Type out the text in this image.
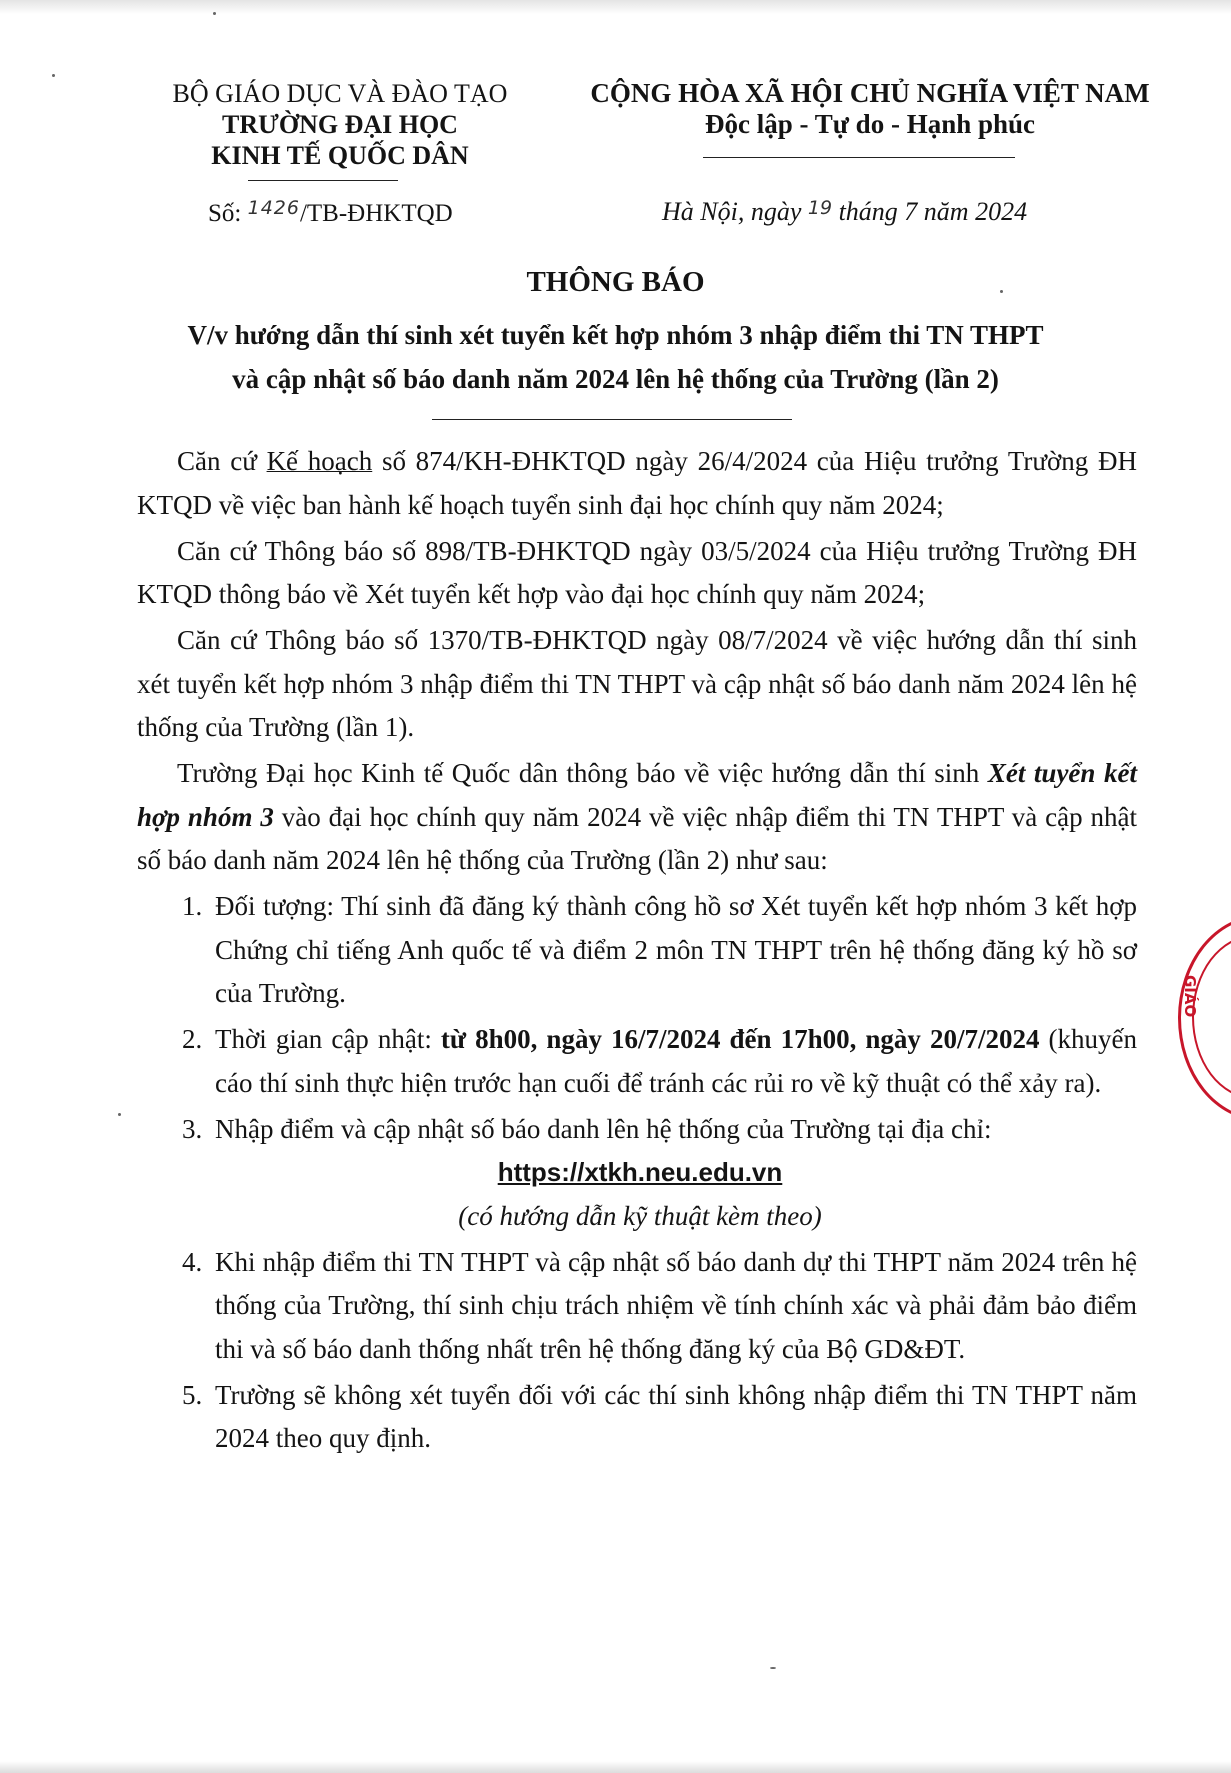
BỘ GIÁO DỤC VÀ ĐÀO TẠO
TRƯỜNG ĐẠI HỌC
KINH TẾ QUỐC DÂN
CỘNG HÒA XÃ HỘI CHỦ NGHĨA VIỆT NAM
Độc lập - Tự do - Hạnh phúc
Số: $^{1426}$/TB-ĐHKTQD	Hà Nội, ngày $^{19}$ tháng 7 năm 2024
THÔNG BÁO
V/v hướng dẫn thí sinh xét tuyển kết hợp nhóm 3 nhập điểm thi TN THPT
và cập nhật số báo danh năm 2024 lên hệ thống của Trường (lần 2)

Căn cứ Kế hoạch số 874/KH-ĐHKTQD ngày 26/4/2024 của Hiệu trưởng Trường ĐH KTQD về việc ban hành kế hoạch tuyển sinh đại học chính quy năm 2024;

Căn cứ Thông báo số 898/TB-ĐHKTQD ngày 03/5/2024 của Hiệu trưởng Trường ĐH KTQD thông báo về Xét tuyển kết hợp vào đại học chính quy năm 2024;

Căn cứ Thông báo số 1370/TB-ĐHKTQD ngày 08/7/2024 về việc hướng dẫn thí sinh xét tuyển kết hợp nhóm 3 nhập điểm thi TN THPT và cập nhật số báo danh năm 2024 lên hệ thống của Trường (lần 1).

Trường Đại học Kinh tế Quốc dân thông báo về việc hướng dẫn thí sinh Xét tuyển kết hợp nhóm 3 vào đại học chính quy năm 2024 về việc nhập điểm thi TN THPT và cập nhật số báo danh năm 2024 lên hệ thống của Trường (lần 2) như sau:

1. Đối tượng: Thí sinh đã đăng ký thành công hồ sơ Xét tuyển kết hợp nhóm 3 kết hợp Chứng chỉ tiếng Anh quốc tế và điểm 2 môn TN THPT trên hệ thống đăng ký hồ sơ của Trường.
2. Thời gian cập nhật: từ 8h00, ngày 16/7/2024 đến 17h00, ngày 20/7/2024 (khuyến cáo thí sinh thực hiện trước hạn cuối để tránh các rủi ro về kỹ thuật có thể xảy ra).
3. Nhập điểm và cập nhật số báo danh lên hệ thống của Trường tại địa chỉ:
https://xtkh.neu.edu.vn
(có hướng dẫn kỹ thuật kèm theo)
4. Khi nhập điểm thi TN THPT và cập nhật số báo danh dự thi THPT năm 2024 trên hệ thống của Trường, thí sinh chịu trách nhiệm về tính chính xác và phải đảm bảo điểm thi và số báo danh thống nhất trên hệ thống đăng ký của Bộ GD&ĐT.
5. Trường sẽ không xét tuyển đối với các thí sinh không nhập điểm thi TN THPT năm 2024 theo quy định.
GIÁO
